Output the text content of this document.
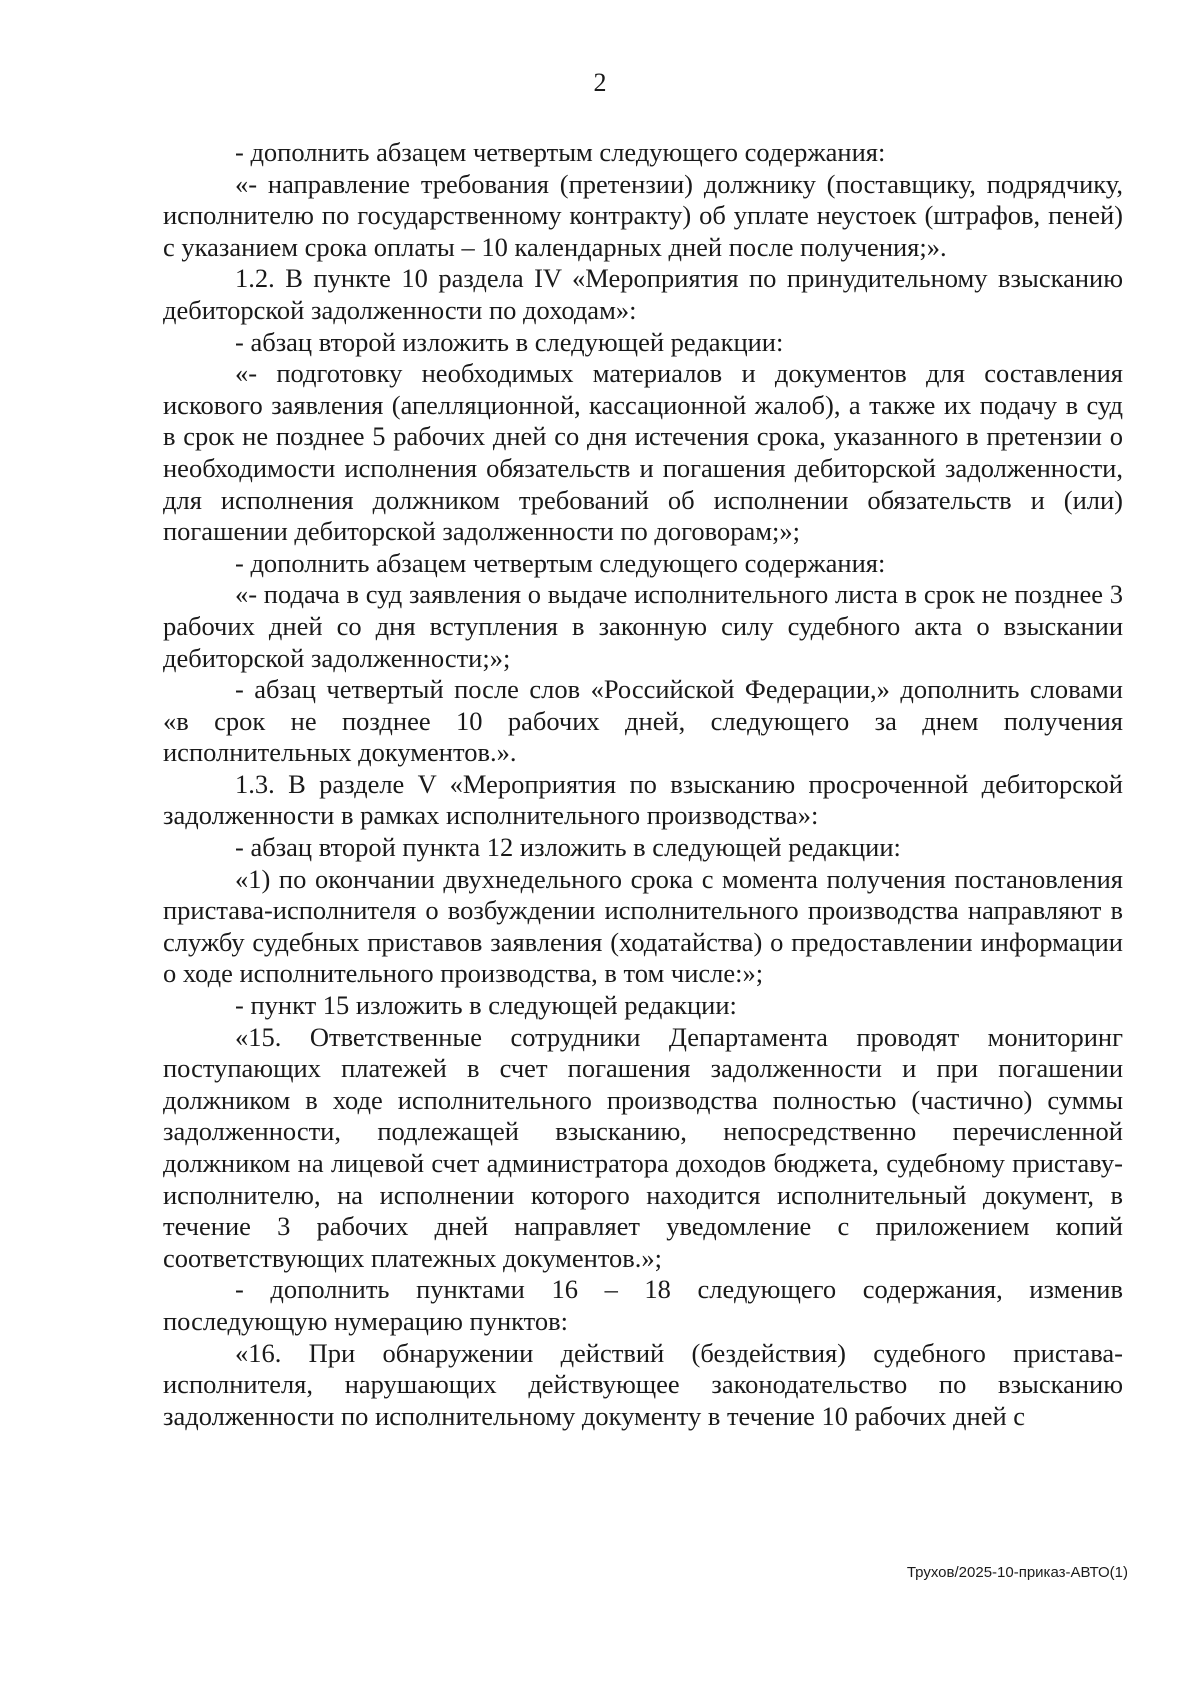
2

- дополнить абзацем четвертым следующего содержания:

«- направление требования (претензии) должнику (поставщику, подрядчику, исполнителю по государственному контракту) об уплате неустоек (штрафов, пеней) с указанием срока оплаты – 10 календарных дней после получения;».

1.2. В пункте 10 раздела IV «Мероприятия по принудительному взысканию дебиторской задолженности по доходам»:

- абзац второй изложить в следующей редакции:

«- подготовку необходимых материалов и документов для составления искового заявления (апелляционной, кассационной жалоб), а также их подачу в суд в срок не позднее 5 рабочих дней со дня истечения срока, указанного в претензии о необходимости исполнения обязательств и погашения дебиторской задолженности, для исполнения должником требований об исполнении обязательств и (или) погашении дебиторской задолженности по договорам;»;

- дополнить абзацем четвертым следующего содержания:

«- подача в суд заявления о выдаче исполнительного листа в срок не позднее 3 рабочих дней со дня вступления в законную силу судебного акта о взыскании дебиторской задолженности;»;

- абзац четвертый после слов «Российской Федерации,» дополнить словами «в срок не позднее 10 рабочих дней, следующего за днем получения исполнительных документов.».

1.3. В разделе V «Мероприятия по взысканию просроченной дебиторской задолженности в рамках исполнительного производства»:

- абзац второй пункта 12 изложить в следующей редакции:

«1) по окончании двухнедельного срока с момента получения постановления пристава-исполнителя о возбуждении исполнительного производства направляют в службу судебных приставов заявления (ходатайства) о предоставлении информации о ходе исполнительного производства, в том числе:»;

- пункт 15 изложить в следующей редакции:

«15. Ответственные сотрудники Департамента проводят мониторинг поступающих платежей в счет погашения задолженности и при погашении должником в ходе исполнительного производства полностью (частично) суммы задолженности, подлежащей взысканию, непосредственно перечисленной должником на лицевой счет администратора доходов бюджета, судебному приставу-исполнителю, на исполнении которого находится исполнительный документ, в течение 3 рабочих дней направляет уведомление с приложением копий соответствующих платежных документов.»;

- дополнить пунктами 16 – 18 следующего содержания, изменив последующую нумерацию пунктов:

«16. При обнаружении действий (бездействия) судебного пристава-исполнителя, нарушающих действующее законодательство по взысканию задолженности по исполнительному документу в течение 10 рабочих дней с

Трухов/2025-10-приказ-АВТО(1)
